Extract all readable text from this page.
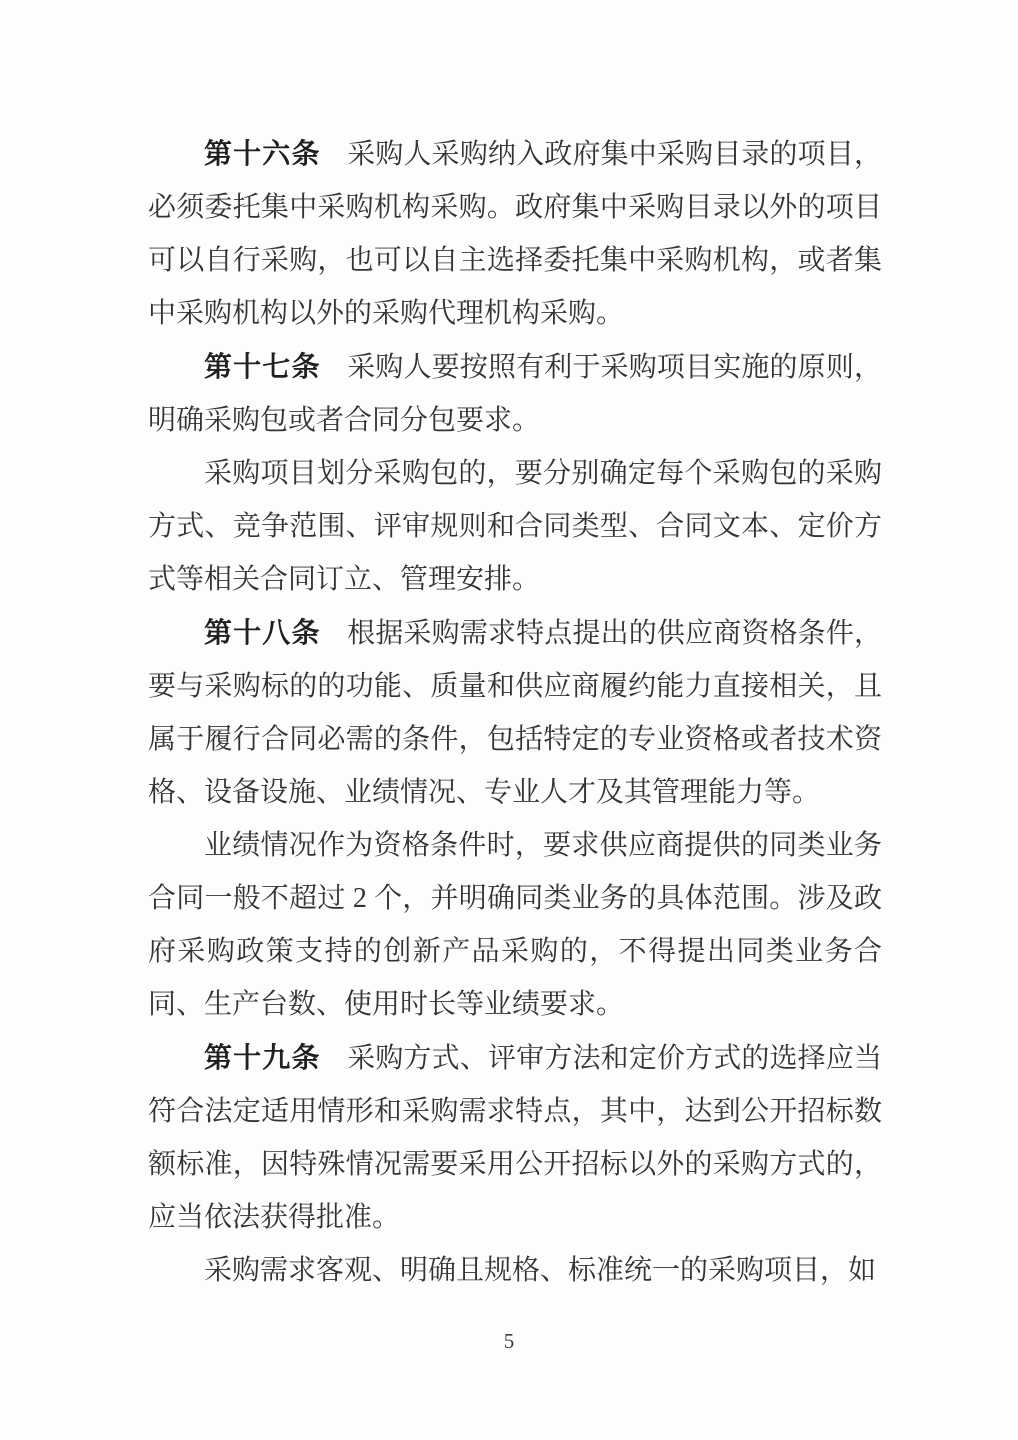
第十六条 采购人采购纳入政府集中采购目录的项目，必须委托集中采购机构采购。政府集中采购目录以外的项目可以自行采购，也可以自主选择委托集中采购机构，或者集中采购机构以外的采购代理机构采购。

第十七条 采购人要按照有利于采购项目实施的原则，明确采购包或者合同分包要求。

采购项目划分采购包的，要分别确定每个采购包的采购方式、竞争范围、评审规则和合同类型、合同文本、定价方式等相关合同订立、管理安排。

第十八条 根据采购需求特点提出的供应商资格条件，要与采购标的的功能、质量和供应商履约能力直接相关，且属于履行合同必需的条件，包括特定的专业资格或者技术资格、设备设施、业绩情况、专业人才及其管理能力等。

业绩情况作为资格条件时，要求供应商提供的同类业务合同一般不超过 2 个，并明确同类业务的具体范围。涉及政府采购政策支持的创新产品采购的，不得提出同类业务合同、生产台数、使用时长等业绩要求。

第十九条 采购方式、评审方法和定价方式的选择应当符合法定适用情形和采购需求特点，其中，达到公开招标数额标准，因特殊情况需要采用公开招标以外的采购方式的，应当依法获得批准。

采购需求客观、明确且规格、标准统一的采购项目，如

5
